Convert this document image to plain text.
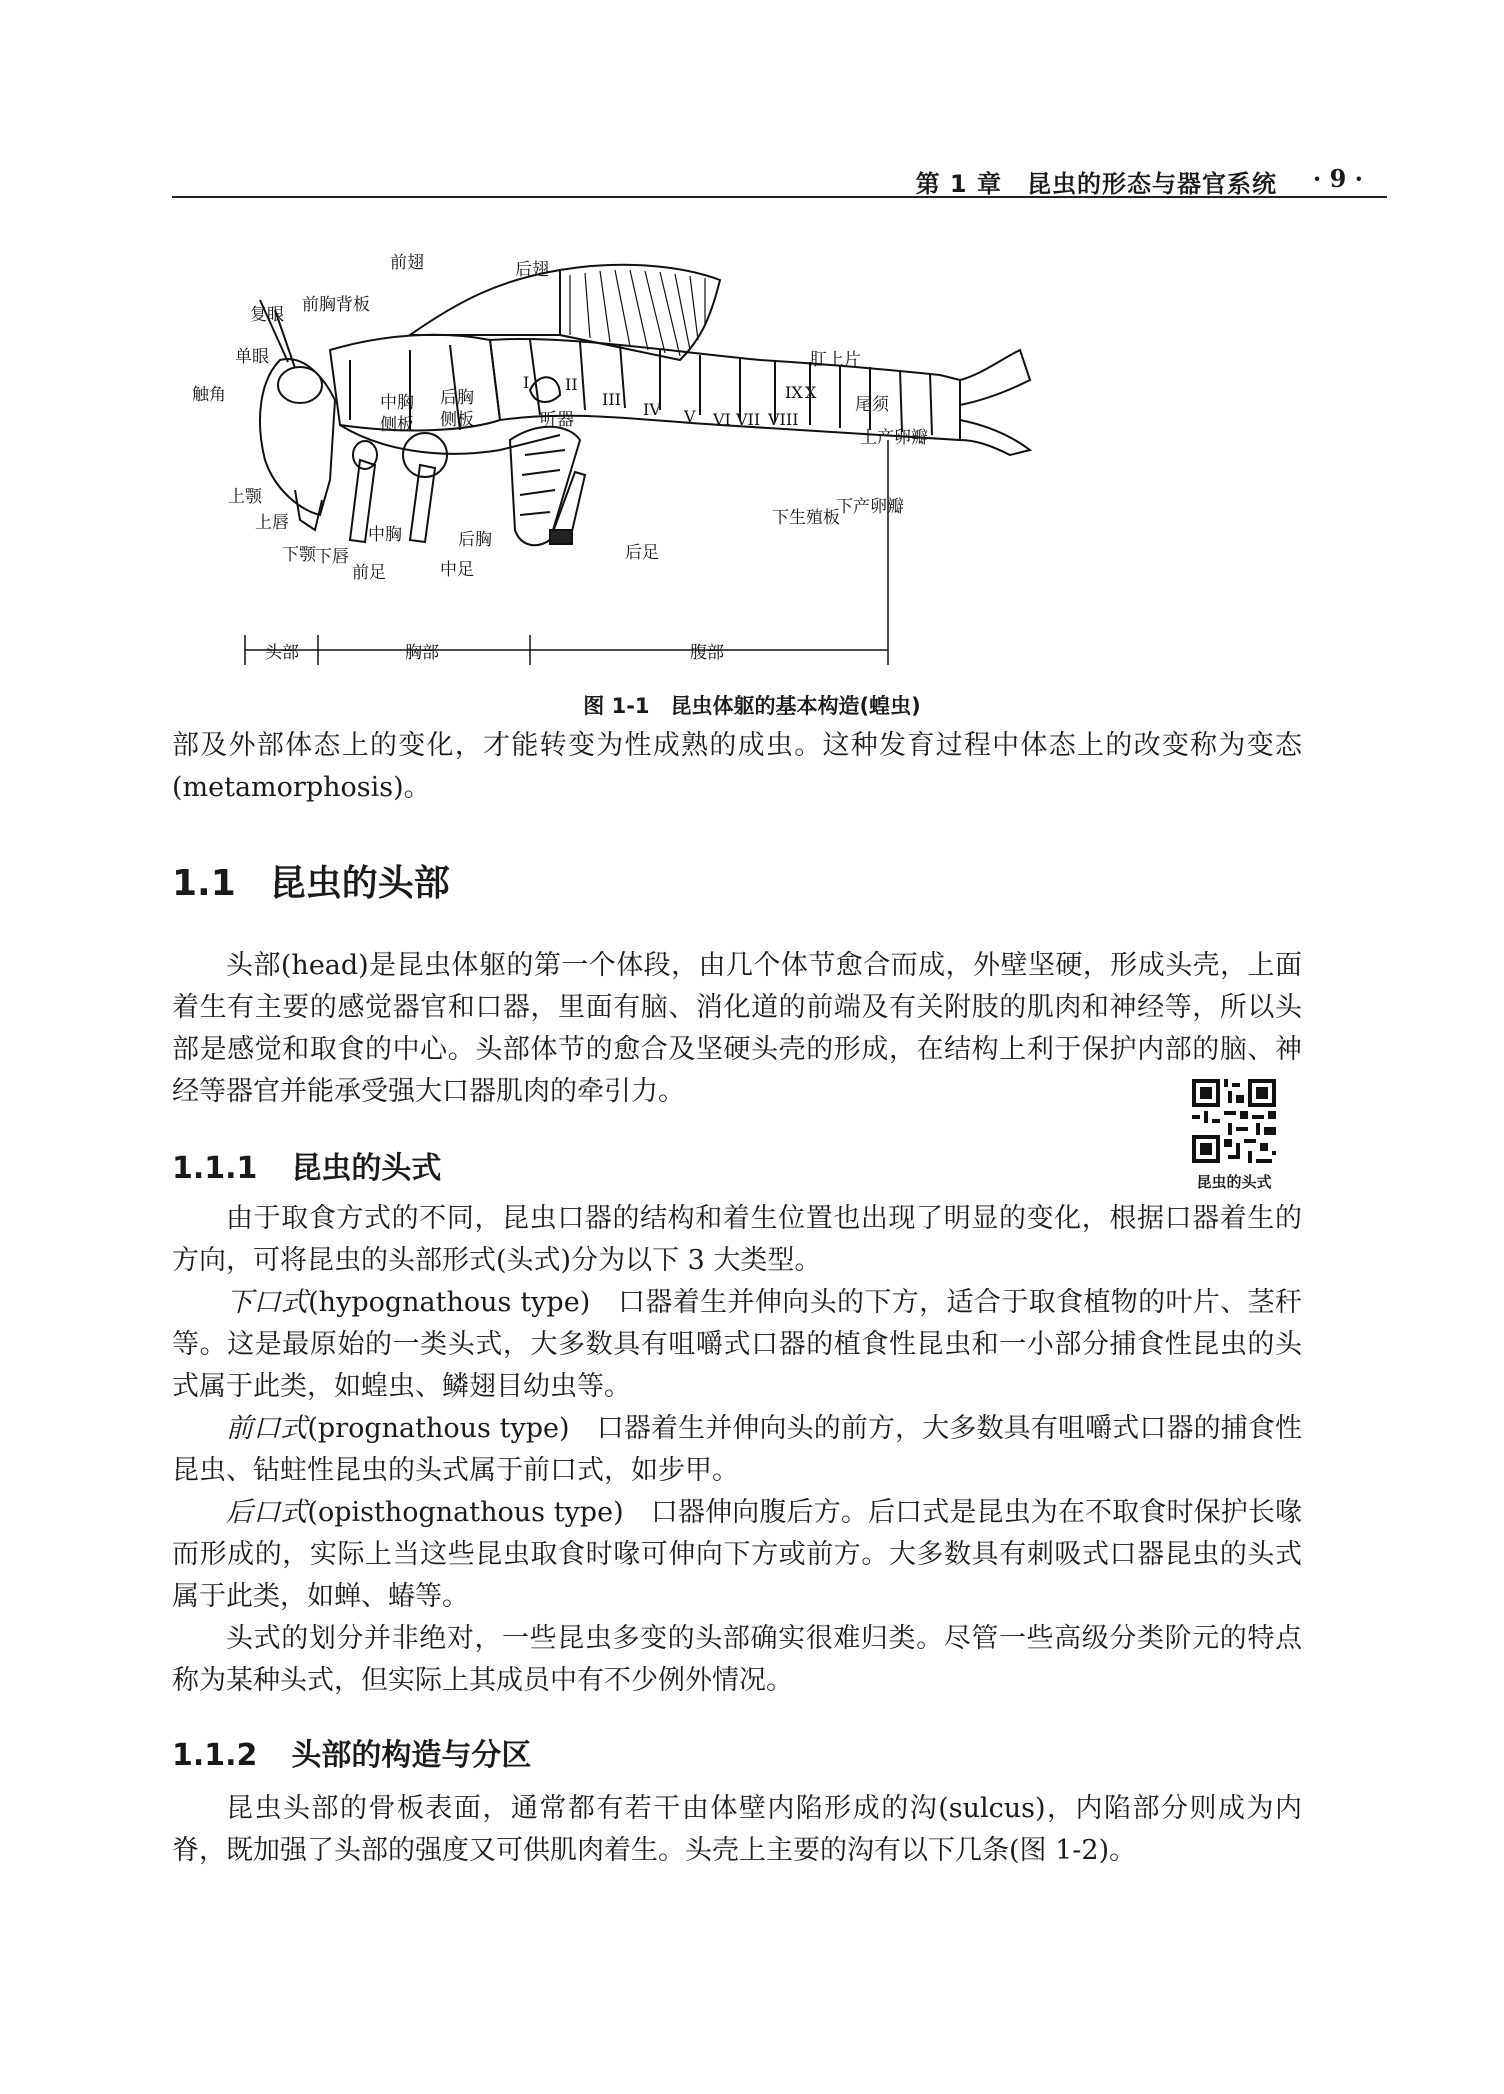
第 1 章　昆虫的形态与器官系统 · 9 ·
前翅	后翅
复眼 前胸背板
单眼
触角	中胸
侧板
后胸
侧板	听器
肛上片
尾须
上产卵瓣
下产卵瓣
下生殖板
上颚
上唇
下颚 下唇
前足
中胸
中足
后胸
后足
头部	胸部	腹部
I II
III
IV V VI VII VIII
IX X
图 1-1　昆虫体躯的基本构造(蝗虫)

部及外部体态上的变化，才能转变为性成熟的成虫。这种发育过程中体态上的改变称为变态(metamorphosis)。

1.1 昆虫的头部

头部(head)是昆虫体躯的第一个体段，由几个体节愈合而成，外壁坚硬，形成头壳，上面着生有主要的感觉器官和口器，里面有脑、消化道的前端及有关附肢的肌肉和神经等，所以头部是感觉和取食的中心。头部体节的愈合及坚硬头壳的形成，在结构上利于保护内部的脑、神经等器官并能承受强大口器肌肉的牵引力。

昆虫的头式
1.1.1 昆虫的头式

由于取食方式的不同，昆虫口器的结构和着生位置也出现了明显的变化，根据口器着生的方向，可将昆虫的头部形式(头式)分为以下 3 大类型。

下口式(hypognathous type)　口器着生并伸向头的下方，适合于取食植物的叶片、茎秆等。这是最原始的一类头式，大多数具有咀嚼式口器的植食性昆虫和一小部分捕食性昆虫的头式属于此类，如蝗虫、鳞翅目幼虫等。

前口式(prognathous type)　口器着生并伸向头的前方，大多数具有咀嚼式口器的捕食性昆虫、钻蛀性昆虫的头式属于前口式，如步甲。

后口式(opisthognathous type)　口器伸向腹后方。后口式是昆虫为在不取食时保护长喙而形成的，实际上当这些昆虫取食时喙可伸向下方或前方。大多数具有刺吸式口器昆虫的头式属于此类，如蝉、蝽等。

头式的划分并非绝对，一些昆虫多变的头部确实很难归类。尽管一些高级分类阶元的特点称为某种头式，但实际上其成员中有不少例外情况。

1.1.2 头部的构造与分区

昆虫头部的骨板表面，通常都有若干由体壁内陷形成的沟(sulcus)，内陷部分则成为内脊，既加强了头部的强度又可供肌肉着生。头壳上主要的沟有以下几条(图 1-2)。
